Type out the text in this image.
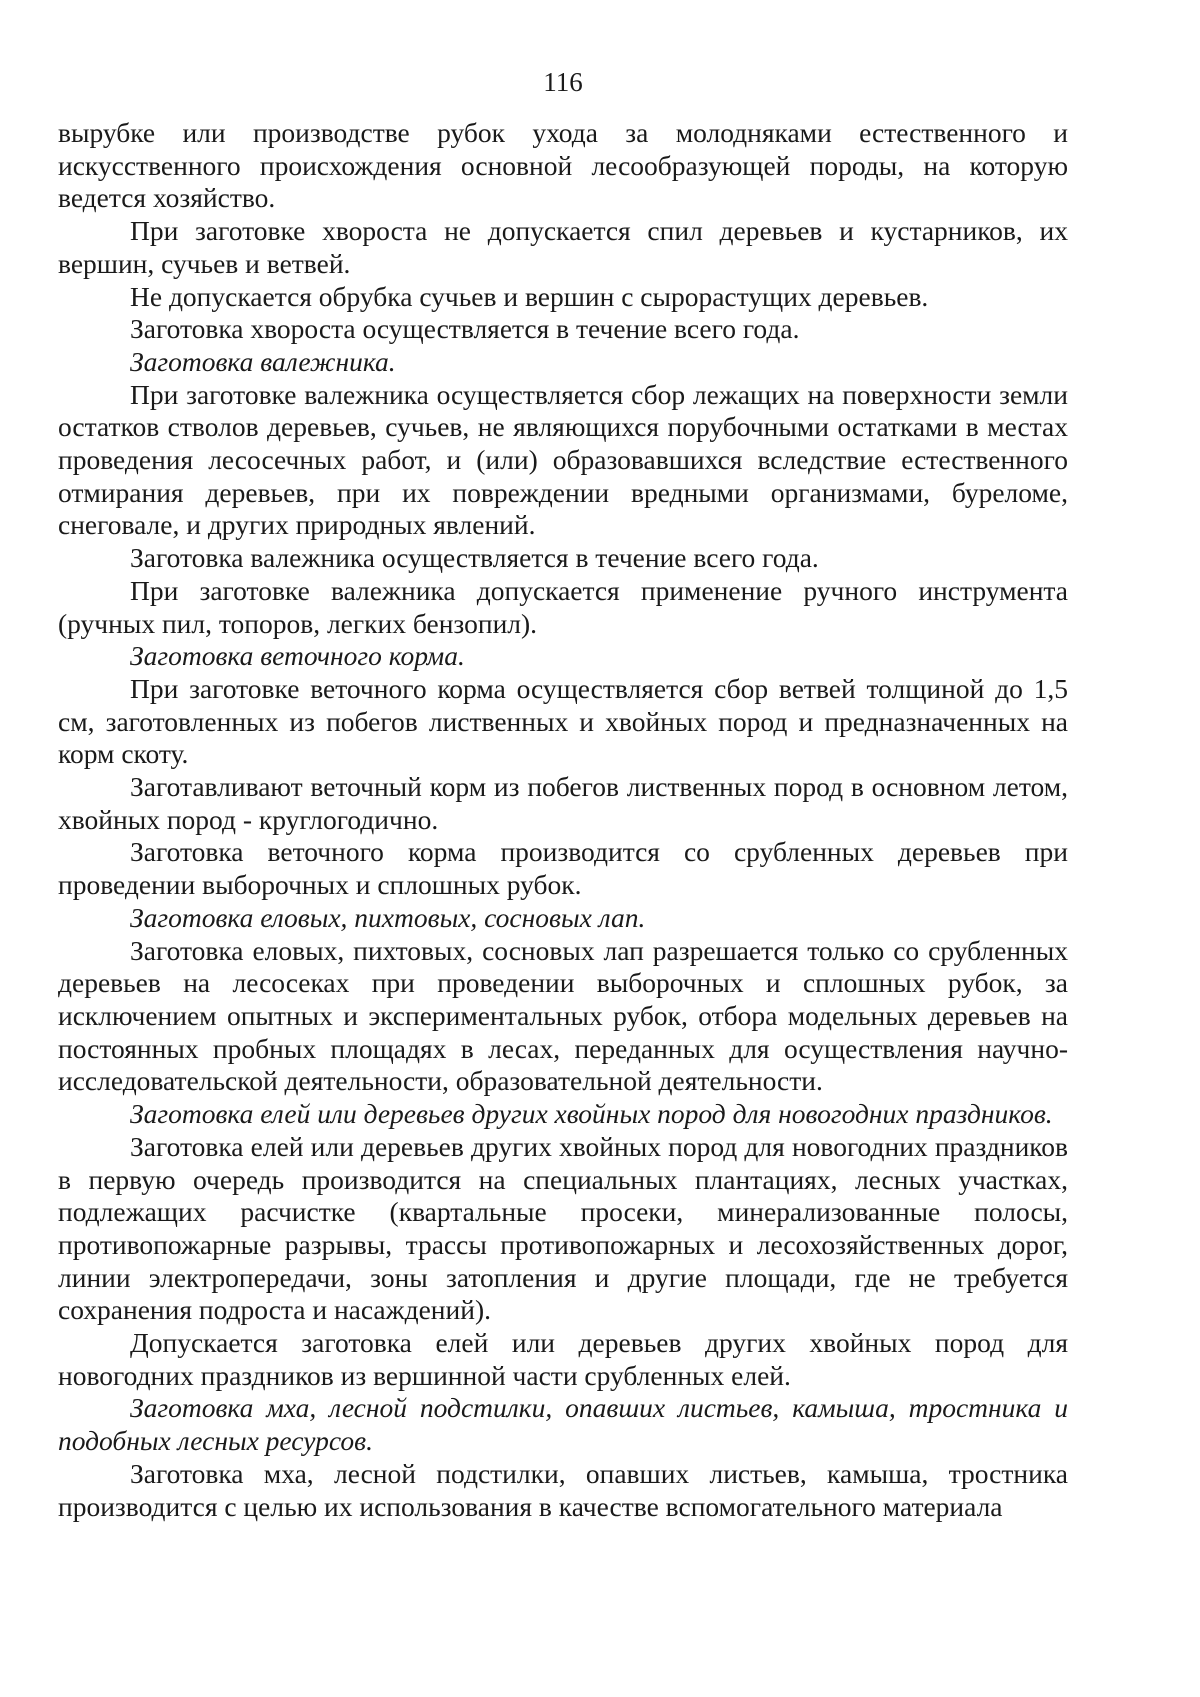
116

вырубке или производстве рубок ухода за молодняками естественного и искусственного происхождения основной лесообразующей породы, на которую ведется хозяйство.

При заготовке хвороста не допускается спил деревьев и кустарников, их вершин, сучьев и ветвей.

Не допускается обрубка сучьев и вершин с сырорастущих деревьев.

Заготовка хвороста осуществляется в течение всего года.

Заготовка валежника.

При заготовке валежника осуществляется сбор лежащих на поверхности земли остатков стволов деревьев, сучьев, не являющихся порубочными остатками в местах проведения лесосечных работ, и (или) образовавшихся вследствие естественного отмирания деревьев, при их повреждении вредными организмами, буреломе, снеговале, и других природных явлений.

Заготовка валежника осуществляется в течение всего года.

При заготовке валежника допускается применение ручного инструмента (ручных пил, топоров, легких бензопил).

Заготовка веточного корма.

При заготовке веточного корма осуществляется сбор ветвей толщиной до 1,5 см, заготовленных из побегов лиственных и хвойных пород и предназначенных на корм скоту.

Заготавливают веточный корм из побегов лиственных пород в основном летом, хвойных пород - круглогодично.

Заготовка веточного корма производится со срубленных деревьев при проведении выборочных и сплошных рубок.

Заготовка еловых, пихтовых, сосновых лап.

Заготовка еловых, пихтовых, сосновых лап разрешается только со срубленных деревьев на лесосеках при проведении выборочных и сплошных рубок, за исключением опытных и экспериментальных рубок, отбора модельных деревьев на постоянных пробных площадях в лесах, переданных для осуществления научно-исследовательской деятельности, образовательной деятельности.

Заготовка елей или деревьев других хвойных пород для новогодних праздников.

Заготовка елей или деревьев других хвойных пород для новогодних праздников в первую очередь производится на специальных плантациях, лесных участках, подлежащих расчистке (квартальные просеки, минерализованные полосы, противопожарные разрывы, трассы противопожарных и лесохозяйственных дорог, линии электропередачи, зоны затопления и другие площади, где не требуется сохранения подроста и насаждений).

Допускается заготовка елей или деревьев других хвойных пород для новогодних праздников из вершинной части срубленных елей.

Заготовка мха, лесной подстилки, опавших листьев, камыша, тростника и подобных лесных ресурсов.

Заготовка мха, лесной подстилки, опавших листьев, камыша, тростника производится с целью их использования в качестве вспомогательного материала
